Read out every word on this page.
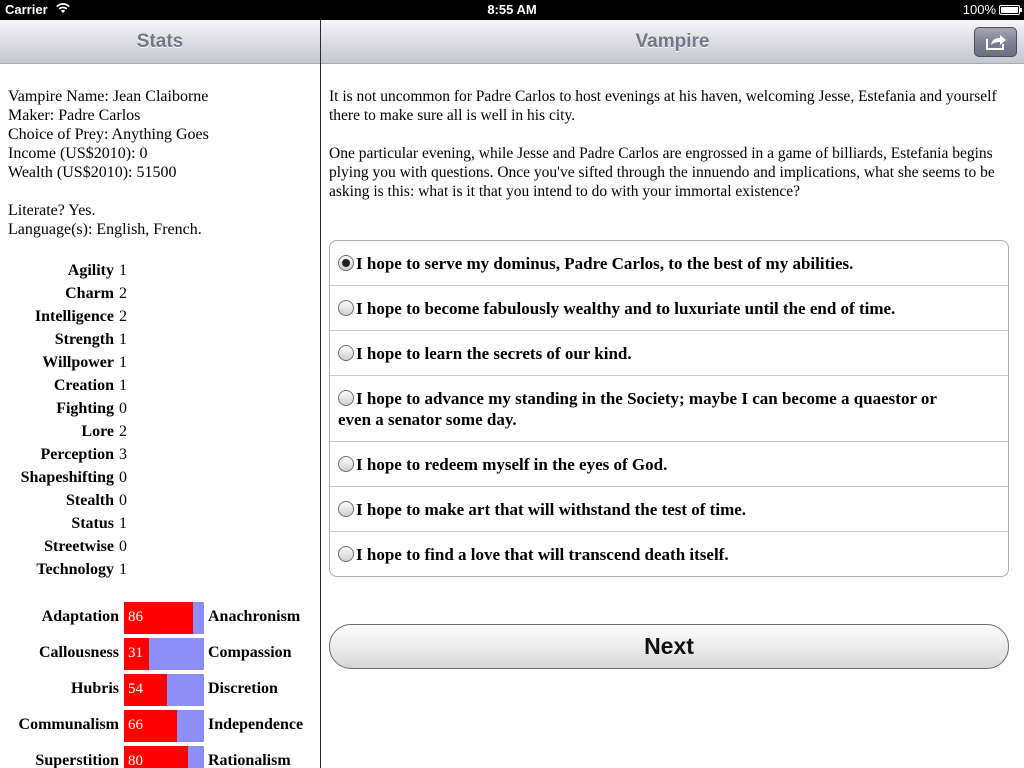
Carrier	8:55 AM	100%
Stats
Vampire Name: Jean Claiborne
Maker: Padre Carlos
Choice of Prey: Anything Goes
Income (US$2010): 0
Wealth (US$2010): 51500
Literate? Yes.
Language(s): English, French.
Agility 1
Charm 2
Intelligence 2
Strength 1
Willpower 1
Creation 1
Fighting 0
Lore 2
Perception 3
Shapeshifting 0
Stealth 0
Status 1
Streetwise 0
Technology 1
Adaptation 86	Anachronism
Callousness 31	Compassion
Hubris 54	Discretion
Communalism 66	Independence
Superstition 80	Rationalism
Vampire

It is not uncommon for Padre Carlos to host evenings at his haven, welcoming Jesse, Estefania and yourself there to make sure all is well in his city.

One particular evening, while Jesse and Padre Carlos are engrossed in a game of billiards, Estefania begins plying you with questions. Once you've sifted through the innuendo and implications, what she seems to be asking is this: what is it that you intend to do with your immortal existence?

I hope to serve my dominus, Padre Carlos, to the best of my abilities.
I hope to become fabulously wealthy and to luxuriate until the end of time.
I hope to learn the secrets of our kind.
I hope to advance my standing in the Society; maybe I can become a quaestor or even a senator some day.
I hope to redeem myself in the eyes of God.
I hope to make art that will withstand the test of time.
I hope to find a love that will transcend death itself.
Next
